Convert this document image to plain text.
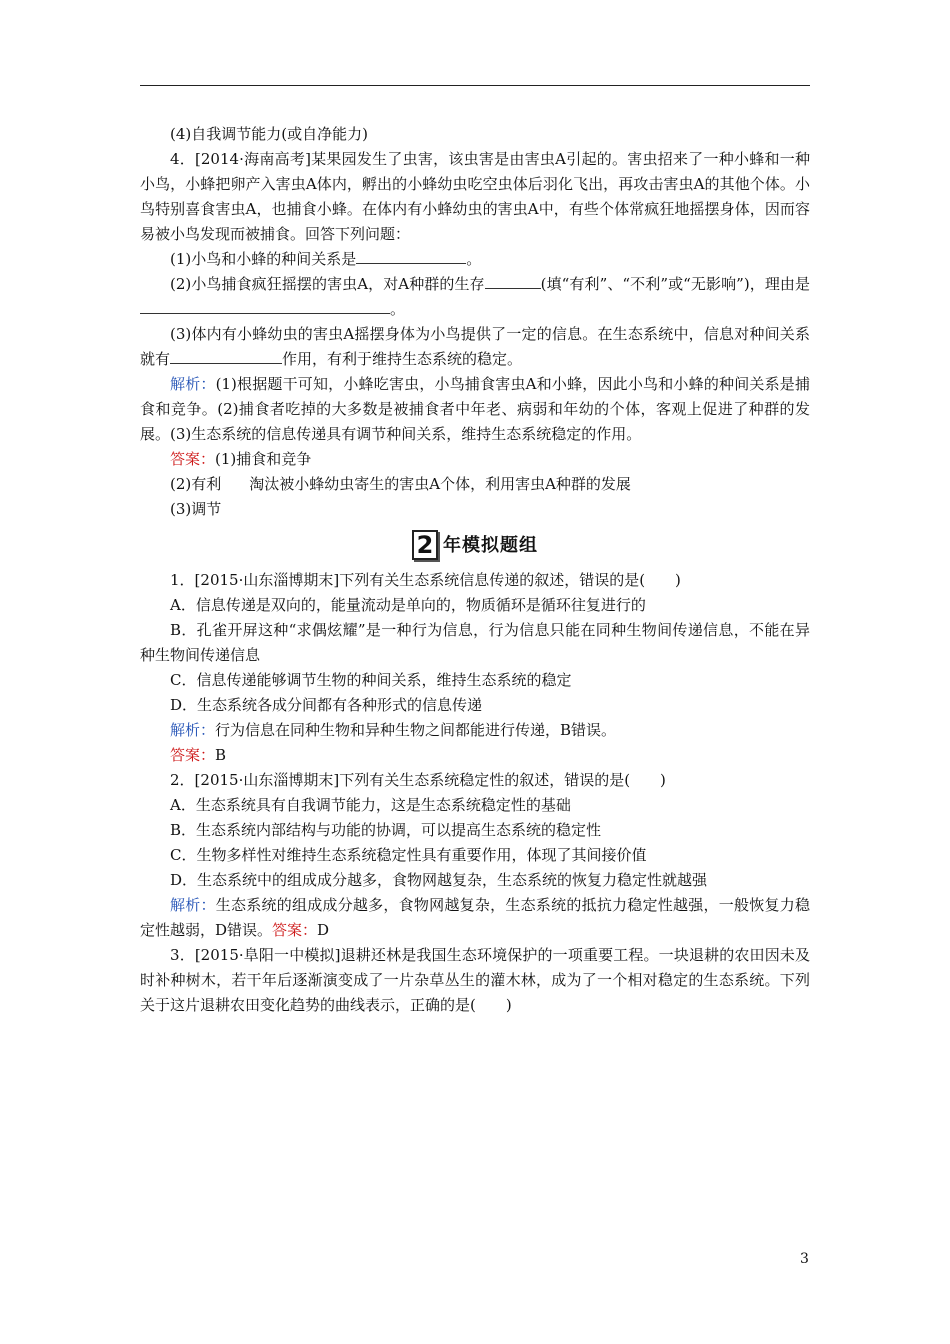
(4)自我调节能力(或自净能力)

4．[2014·海南高考]某果园发生了虫害，该虫害是由害虫A引起的。害虫招来了一种小蜂和一种小鸟，小蜂把卵产入害虫A体内，孵出的小蜂幼虫吃空虫体后羽化飞出，再攻击害虫A的其他个体。小鸟特别喜食害虫A，也捕食小蜂。在体内有小蜂幼虫的害虫A中，有些个体常疯狂地摇摆身体，因而容易被小鸟发现而被捕食。回答下列问题：

(1)小鸟和小蜂的种间关系是	。

(2)小鸟捕食疯狂摇摆的害虫A，对A种群的生存	(填“有利”、“不利”或“无影响”)，理由是。

(3)体内有小蜂幼虫的害虫A摇摆身体为小鸟提供了一定的信息。在生态系统中，信息对种间关系就有	作用，有利于维持生态系统的稳定。

解析：(1)根据题干可知，小蜂吃害虫，小鸟捕食害虫A和小蜂，因此小鸟和小蜂的种间关系是捕食和竞争。(2)捕食者吃掉的大多数是被捕食者中年老、病弱和年幼的个体，客观上促进了种群的发展。(3)生态系统的信息传递具有调节种间关系，维持生态系统稳定的作用。

答案：(1)捕食和竞争

(2)有利 淘汰被小蜂幼虫寄生的害虫A个体，利用害虫A种群的发展

(3)调节

2 年模拟题组

1．[2015·山东淄博期末]下列有关生态系统信息传递的叙述，错误的是(　　)

A．信息传递是双向的，能量流动是单向的，物质循环是循环往复进行的

B．孔雀开屏这种“求偶炫耀”是一种行为信息，行为信息只能在同种生物间传递信息，不能在异种生物间传递信息

C．信息传递能够调节生物的种间关系，维持生态系统的稳定

D．生态系统各成分间都有各种形式的信息传递

解析：行为信息在同种生物和异种生物之间都能进行传递，B错误。

答案：B

2．[2015·山东淄博期末]下列有关生态系统稳定性的叙述，错误的是(　　)

A．生态系统具有自我调节能力，这是生态系统稳定性的基础

B．生态系统内部结构与功能的协调，可以提高生态系统的稳定性

C．生物多样性对维持生态系统稳定性具有重要作用，体现了其间接价值

D．生态系统中的组成成分越多，食物网越复杂，生态系统的恢复力稳定性就越强

解析：生态系统的组成成分越多，食物网越复杂，生态系统的抵抗力稳定性越强，一般恢复力稳定性越弱，D错误。答案：D

3．[2015·阜阳一中模拟]退耕还林是我国生态环境保护的一项重要工程。一块退耕的农田因未及时补种树木，若干年后逐渐演变成了一片杂草丛生的灌木林，成为了一个相对稳定的生态系统。下列关于这片退耕农田变化趋势的曲线表示，正确的是(　　)

3
